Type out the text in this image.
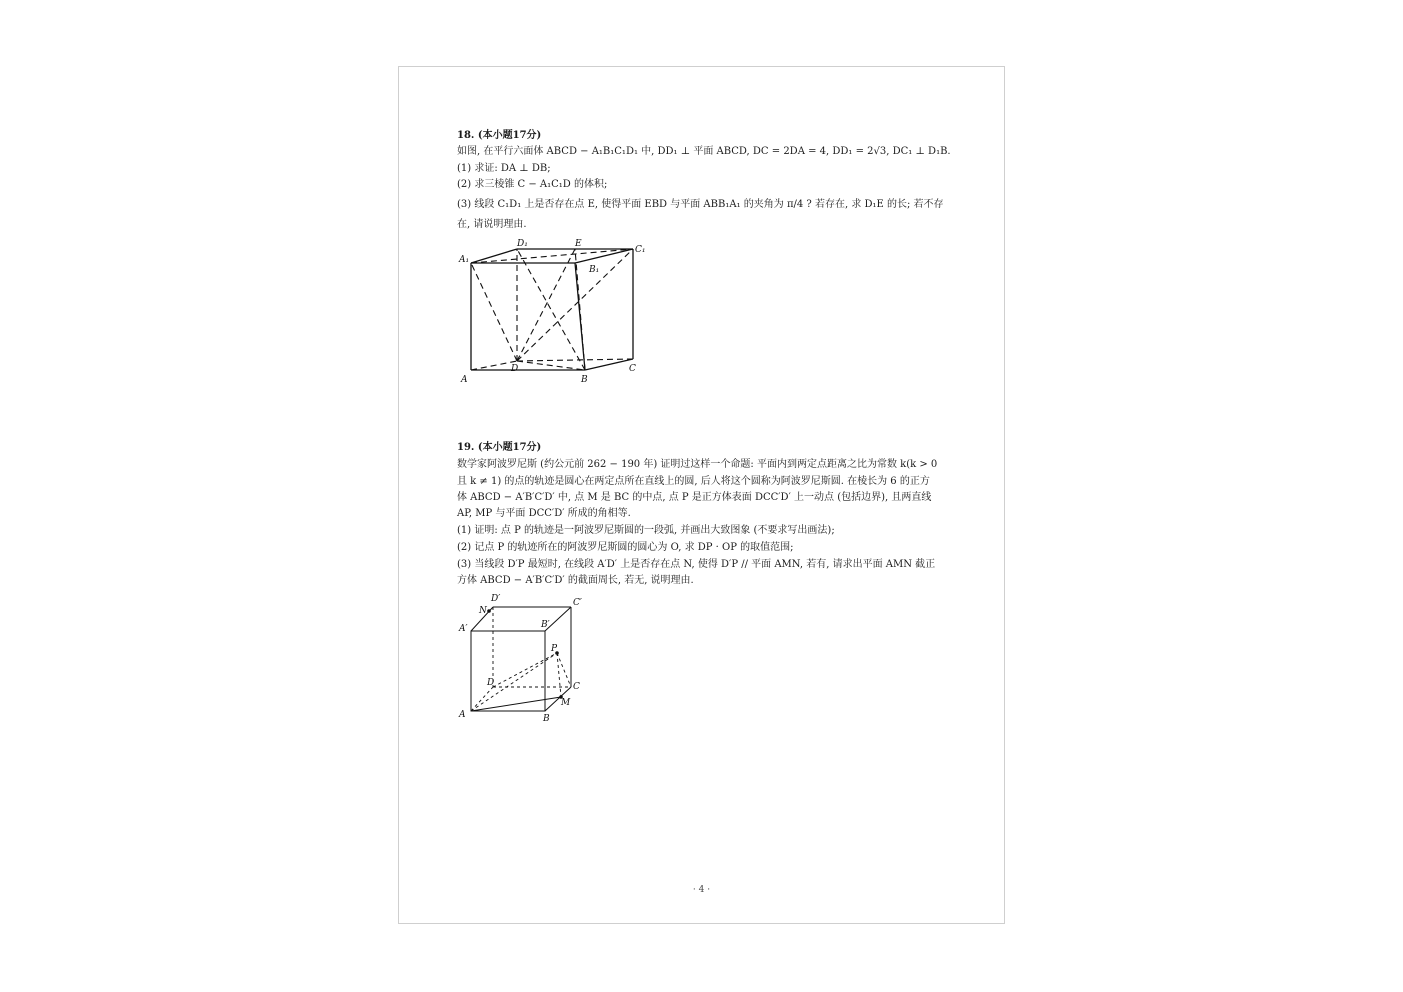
18. (本小题17分)
如图, 在平行六面体 ABCD − A₁B₁C₁D₁ 中, DD₁ ⊥ 平面 ABCD, DC = 2DA = 4, DD₁ = 2√3, DC₁ ⊥ D₁B.
(1) 求证: DA ⊥ DB;
(2) 求三棱锥 C − A₁C₁D 的体积;
(3) 线段 C₁D₁ 上是否存在点 E, 使得平面 EBD 与平面 ABB₁A₁ 的夹角为 π/4 ? 若存在, 求 D₁E 的长; 若不存
在, 请说明理由.
A₁
D₁	E
C₁
B₁
A
D
B
C
19. (本小题17分)
数学家阿波罗尼斯 (约公元前 262 − 190 年) 证明过这样一个命题: 平面内到两定点距离之比为常数 k(k > 0
且 k ≠ 1) 的点的轨迹是圆心在两定点所在直线上的圆, 后人将这个圆称为阿波罗尼斯圆. 在棱长为 6 的正方
体 ABCD − A′B′C′D′ 中, 点 M 是 BC 的中点, 点 P 是正方体表面 DCC′D′ 上一动点 (包括边界), 且两直线
AP, MP 与平面 DCC′D′ 所成的角相等.
(1) 证明: 点 P 的轨迹是一阿波罗尼斯圆的一段弧, 并画出大致图象 (不要求写出画法);
(2) 记点 P 的轨迹所在的阿波罗尼斯圆的圆心为 O, 求 DP · OP 的取值范围;
(3) 当线段 D′P 最短时, 在线段 A′D′ 上是否存在点 N, 使得 D′P // 平面 AMN, 若有, 请求出平面 AMN 截正
方体 ABCD − A′B′C′D′ 的截面周长, 若无, 说明理由.
D′
N
C′
A′	B′
P
D	C
A
M
B
· 4 ·
